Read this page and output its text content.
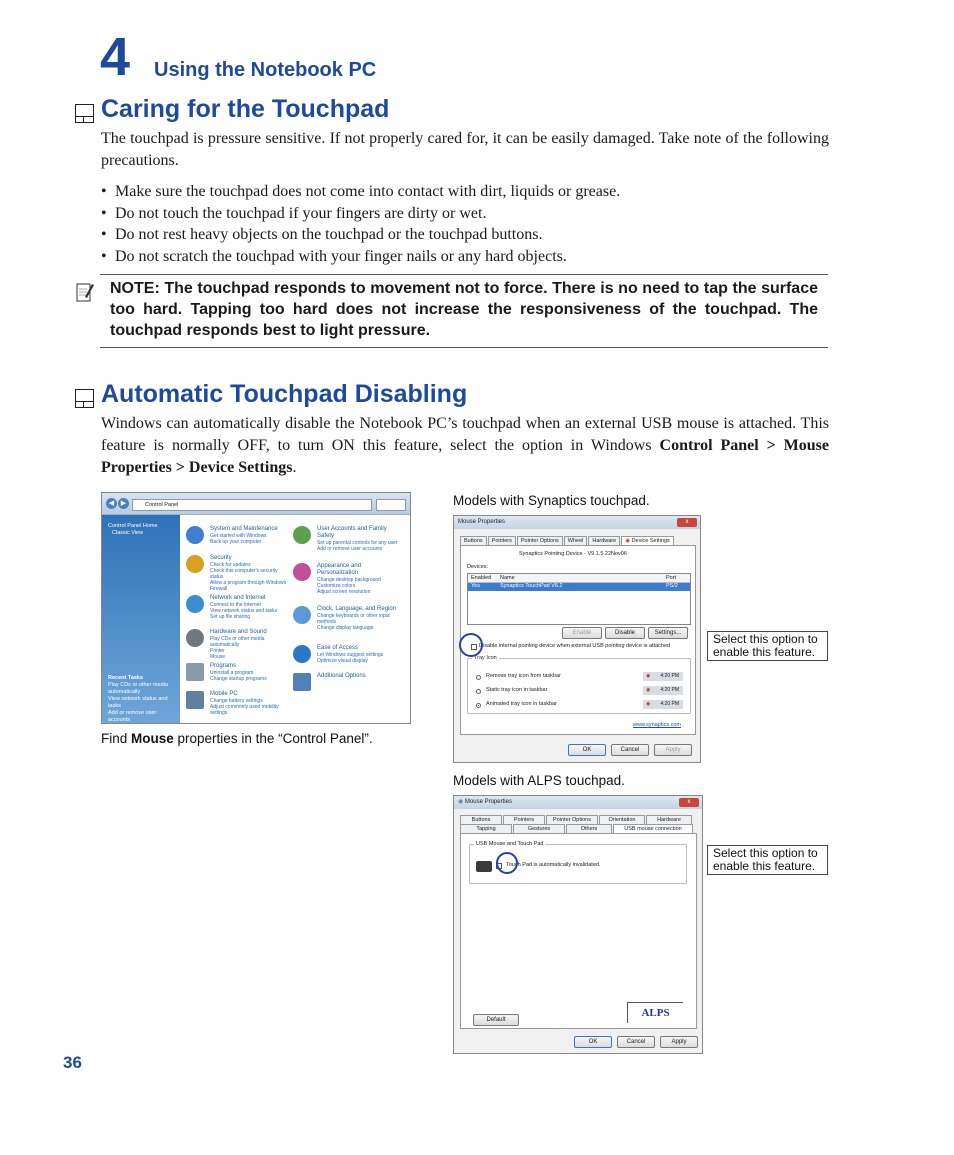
4 Using the Notebook PC
Caring for the Touchpad

The touchpad is pressure sensitive. If not properly cared for, it can be easily damaged. Take note of the following precautions.

• Make sure the touchpad does not come into contact with dirt, liquids or grease.
• Do not touch the touchpad if your fingers are dirty or wet.
• Do not rest heavy objects on the touchpad or the touchpad buttons.
• Do not scratch the touchpad with your finger nails or any hard objects.

NOTE: The touchpad responds to movement not to force. There is no need to tap the surface too hard. Tapping too hard does not increase the responsiveness of the touchpad. The touchpad responds best to light pressure.

Automatic Touchpad Disabling

Windows can automatically disable the Notebook PC’s touchpad when an external USB mouse is attached. This feature is normally OFF, to turn ON this feature, select the option in Windows Control Panel > Mouse Properties > Device Settings.

◀ ▶	Control Panel
Control Panel Home
Classic View
Recent Tasks
Play CDs or other media automatically
View network status and tasks
Add or remove user accounts
System and Maintenance
Get started with Windows
Back up your computer
User Accounts and Family Safety
Set up parental controls for any user
Add or remove user accounts
Security
Check for updates
Check this computer's security status
Allow a program through Windows Firewall
Appearance and Personalization
Change desktop background
Customize colors
Adjust screen resolution
Network and Internet
Connect to the Internet
View network status and tasks
Set up file sharing
Clock, Language, and Region
Change keyboards or other input methods
Change display language
Hardware and Sound
Play CDs or other media automatically
Printer
Mouse
Ease of Access
Let Windows suggest settings
Optimize visual display
Programs
Uninstall a program
Change startup programs	Additional Options
Mobile PC
Change battery settings
Adjust commonly used mobility settings
Find Mouse properties in the “Control Panel”.
Models with Synaptics touchpad.
Mouse Properties	x
Buttons	Pointers	Pointer Options	Wheel	Hardware	◉ Device Settings
Synaptics Pointing Device - V9.1.5 22Nov06
Devices:
Enabled Name	Port
Yes	Synaptics TouchPad V6.2	PS/2
Enable	Disable	Settings...
Disable internal pointing device when external USB pointing device is attached
Tray Icon
Remove tray icon from taskbar	◉ 4:20 PM
Static tray icon in taskbar	◉ 4:20 PM
Animated tray icon in taskbar	◉ 4:20 PM
www.synaptics.com
OK	Cancel	Apply
Select this option to enable this feature.
Models with ALPS touchpad.
◉ Mouse Properties	x
Buttons	Pointers	Pointer Options	Orientation	Hardware
Tapping	Gestures	Others	USB mouse connection
USB Mouse and Touch Pad
Touch Pad is automatically invalidated.
ALPS
Default
OK	Cancel	Apply
Select this option to enable this feature.
36
